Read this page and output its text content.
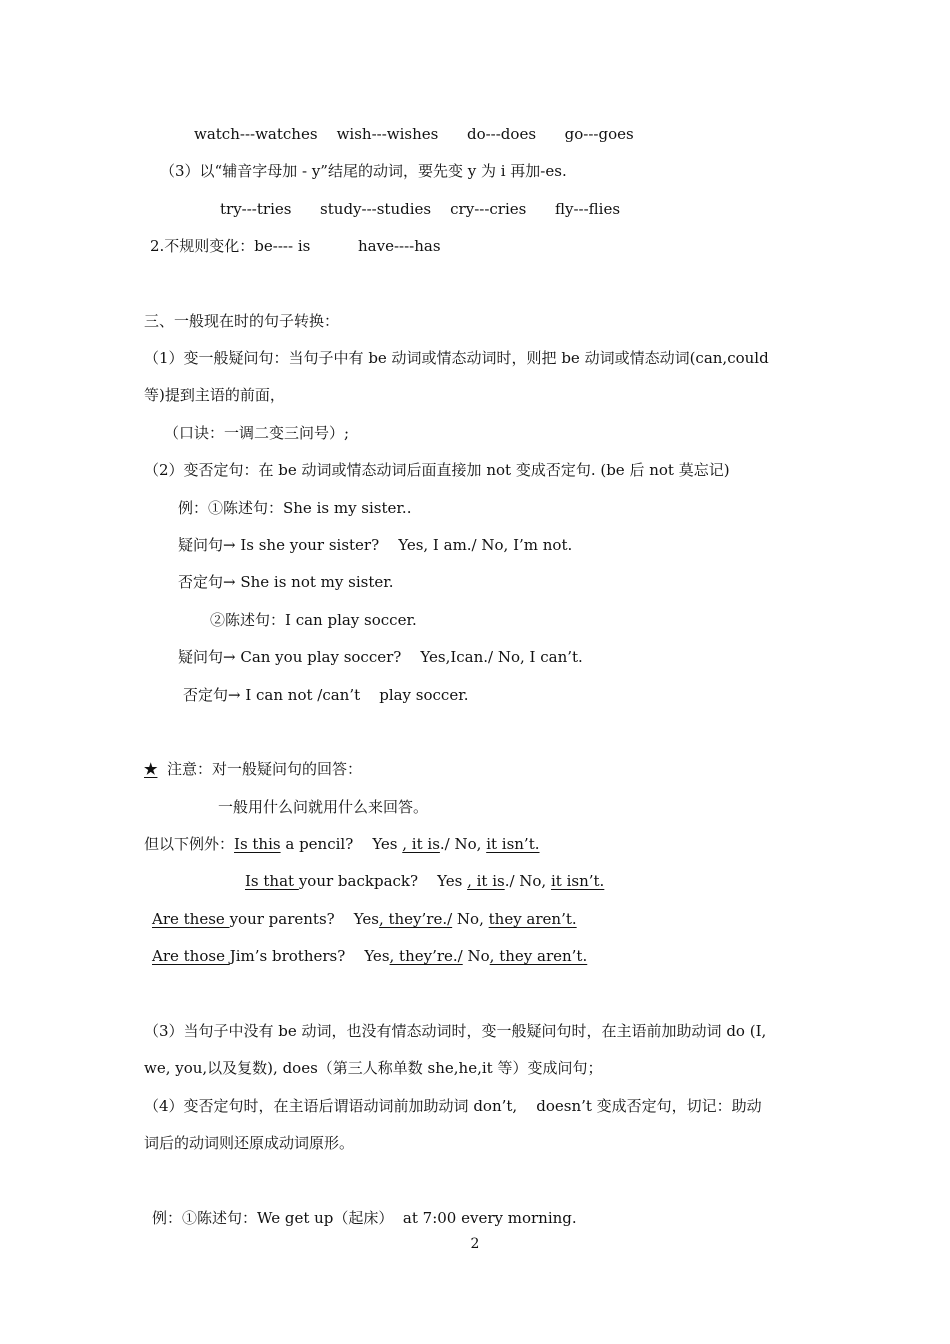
watch---watches    wish---wishes      do---does      go---goes
（3）以“辅音字母加 - y”结尾的动词，要先变 y 为 i 再加-es.
try---tries      study---studies    cry---cries      fly---flies
2.不规则变化：be---- is          have----has
三、一般现在时的句子转换：
（1）变一般疑问句：当句子中有 be 动词或情态动词时，则把 be 动词或情态动词(can,could
等)提到主语的前面，
（口诀：一调二变三问号）;
（2）变否定句：在 be 动词或情态动词后面直接加 not 变成否定句. (be 后 not 莫忘记)
例：①陈述句：She is my sister..
疑问句→ Is she your sister?    Yes, I am./ No, I’m not.
否定句→ She is not my sister.
②陈述句：I can play soccer.
疑问句→ Can you play soccer?    Yes,Ican./ No, I can’t.
否定句→ I can not /can’t    play soccer.
★  注意：对一般疑问句的回答：
一般用什么问就用什么来回答。
但以下例外：Is this a pencil?    Yes , it is./ No, it isn’t.
Is that your backpack?    Yes , it is./ No, it isn’t.
Are these your parents?    Yes, they’re./ No, they aren’t.
Are those Jim’s brothers?    Yes, they’re./ No, they aren’t.
（3）当句子中没有 be 动词，也没有情态动词时，变一般疑问句时，在主语前加助动词 do (I,
we, you,以及复数), does（第三人称单数 she,he,it 等）变成问句；
（4）变否定句时，在主语后谓语动词前加助动词 don’t,    doesn’t 变成否定句，切记：助动
词后的动词则还原成动词原形。
例：①陈述句：We get up（起床）  at 7:00 every morning.
2
